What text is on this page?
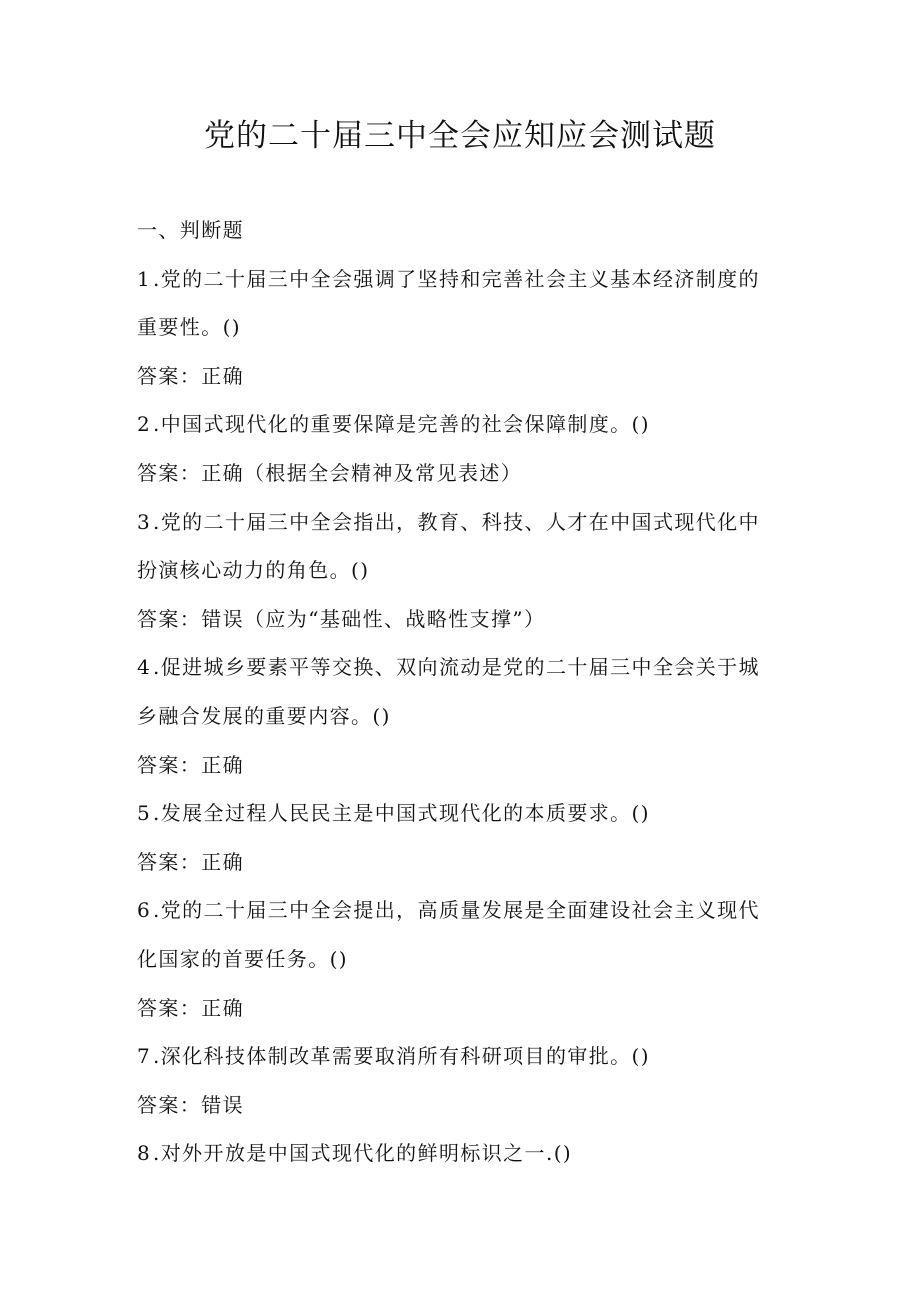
党的二十届三中全会应知应会测试题
一、判断题
1.党的二十届三中全会强调了坚持和完善社会主义基本经济制度的
重要性。()
答案：正确
2.中国式现代化的重要保障是完善的社会保障制度。()
答案：正确（根据全会精神及常见表述）
3.党的二十届三中全会指出，教育、科技、人才在中国式现代化中
扮演核心动力的角色。()
答案：错误（应为“基础性、战略性支撑”）
4.促进城乡要素平等交换、双向流动是党的二十届三中全会关于城
乡融合发展的重要内容。()
答案：正确
5.发展全过程人民民主是中国式现代化的本质要求。()
答案：正确
6.党的二十届三中全会提出，高质量发展是全面建设社会主义现代
化国家的首要任务。()
答案：正确
7.深化科技体制改革需要取消所有科研项目的审批。()
答案：错误
8.对外开放是中国式现代化的鲜明标识之一.()
